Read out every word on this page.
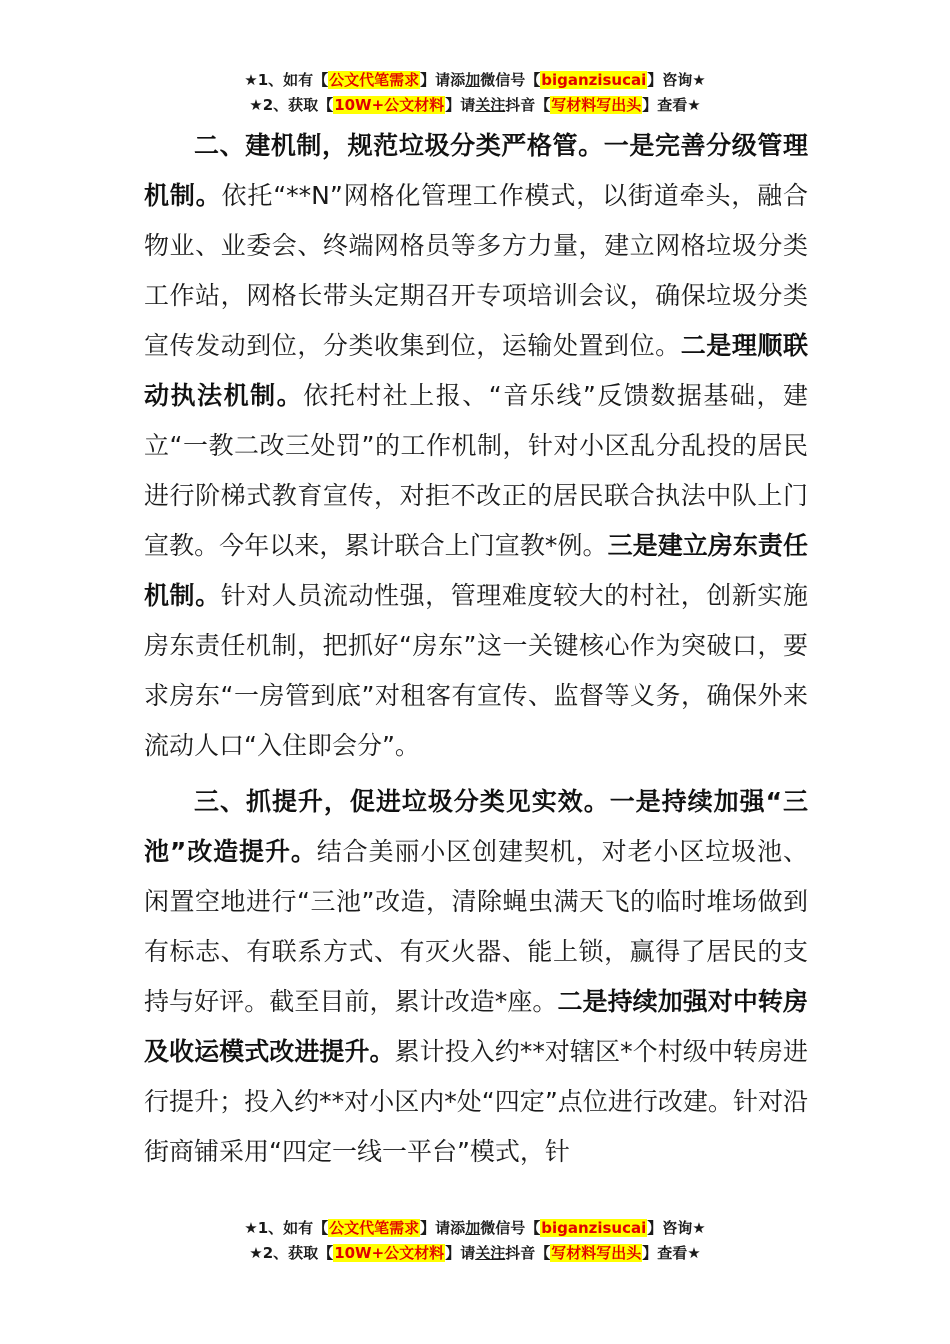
★1、如有【公文代笔需求】请添加微信号【biganzisucai】咨询★
★2、获取【10W+公文材料】请关注抖音【写材料写出头】查看★

二、建机制，规范垃圾分类严格管。一是完善分级管理机制。依托“**N”网格化管理工作模式，以街道牵头，融合物业、业委会、终端网格员等多方力量，建立网格垃圾分类工作站，网格长带头定期召开专项培训会议，确保垃圾分类宣传发动到位，分类收集到位，运输处置到位。二是理顺联动执法机制。依托村社上报、“音乐线”反馈数据基础，建立“一教二改三处罚”的工作机制，针对小区乱分乱投的居民进行阶梯式教育宣传，对拒不改正的居民联合执法中队上门宣教。今年以来，累计联合上门宣教*例。三是建立房东责任机制。针对人员流动性强，管理难度较大的村社，创新实施房东责任机制，把抓好“房东”这一关键核心作为突破口，要求房东“一房管到底”对租客有宣传、监督等义务，确保外来流动人口“入住即会分”。

三、抓提升，促进垃圾分类见实效。一是持续加强“三池”改造提升。结合美丽小区创建契机，对老小区垃圾池、闲置空地进行“三池”改造，清除蝇虫满天飞的临时堆场做到有标志、有联系方式、有灭火器、能上锁，赢得了居民的支持与好评。截至目前，累计改造*座。二是持续加强对中转房及收运模式改进提升。累计投入约**对辖区*个村级中转房进行提升；投入约**对小区内*处“四定”点位进行改建。针对沿街商铺采用“四定一线一平台”模式，针

★1、如有【公文代笔需求】请添加微信号【biganzisucai】咨询★
★2、获取【10W+公文材料】请关注抖音【写材料写出头】查看★
